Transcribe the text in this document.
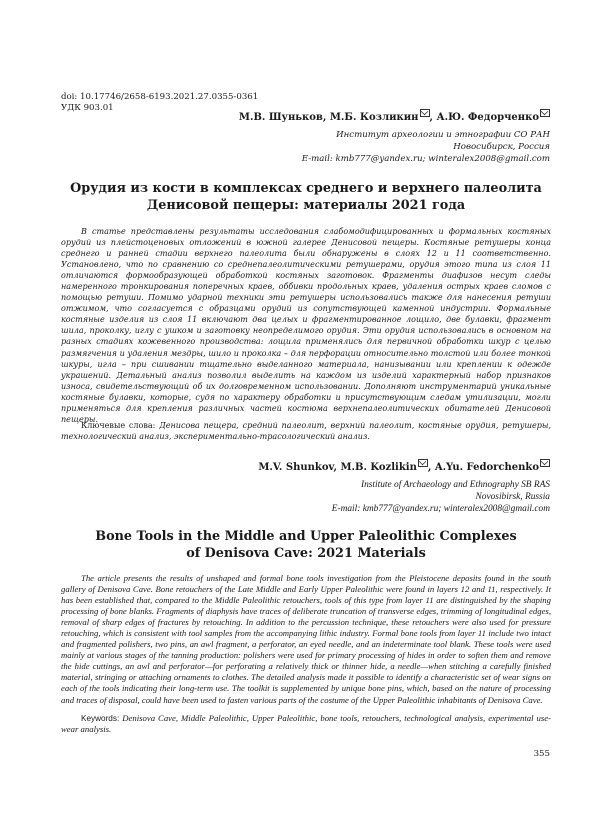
doi: 10.17746/2658-6193.2021.27.0355-0361
УДК 903.01
М.В. Шуньков, М.Б. Козликин , А.Ю. Федорченко
Институт археологии и этнографии СО РАН
Новосибирск, Россия
E-mail: kmb777@yandex.ru; winteralex2008@gmail.com
Орудия из кости в комплексах среднего и верхнего палеолита
Денисовой пещеры: материалы 2021 года

В статье представлены результаты исследования слабомодифицированных и формальных костяных орудий из плейстоценовых отложений в южной галерее Денисовой пещеры. Костяные ретушеры конца среднего и ранней стадии верхнего палеолита были обнаружены в слоях 12 и 11 соответственно. Установлено, что по сравнению со среднепалеолитическими ретушерами, орудия этого типа из слоя 11 отличаются формообразующей обработкой костяных заготовок. Фрагменты диафизов несут следы намеренного тронкирования поперечных краев, оббивки продольных краев, удаления острых краев сломов с помощью ретуши. Помимо ударной техники эти ретушеры использовались также для нанесения ретуши отжимом, что согласуется с образцами орудий из сопутствующей каменной индустрии. Формальные костяные изделия из слоя 11 включают два целых и фрагментированное лощило, две булавки, фрагмент шила, проколку, иглу с ушком и заготовку неопределимого орудия. Эти орудия использовались в основном на разных стадиях кожевенного производства: лощила применялись для первичной обработки шкур с целью размягчения и удаления мездры, шило и проколка – для перфорации относительно толстой или более тонкой шкуры, игла – при сшивании тщательно выделанного материала, нанизывании или креплении к одежде украшений. Детальный анализ позволил выделить на каждом из изделий характерный набор признаков износа, свидетельствующий об их долговременном использовании. Дополняют инструментарий уникальные костяные булавки, которые, судя по характеру обработки и присутствующим следам утилизации, могли применяться для крепления различных частей костюма верхнепалеолитических обитателей Денисовой пещеры.

Ключевые слова: Денисова пещера, средний палеолит, верхний палеолит, костяные орудия, ретушеры, технологический анализ, экспериментально-трасологический анализ.
M.V. Shunkov, M.B. Kozlikin , A.Yu. Fedorchenko
Institute of Archaeology and Ethnography SB RAS
Novosibirsk, Russia
E-mail: kmb777@yandex.ru; winteralex2008@gmail.com
Bone Tools in the Middle and Upper Paleolithic Complexes
of Denisova Cave: 2021 Materials

The article presents the results of unshaped and formal bone tools investigation from the Pleistocene deposits found in the south gallery of Denisova Cave. Bone retouchers of the Late Middle and Early Upper Paleolithic were found in layers 12 and 11, respectively. It has been established that, compared to the Middle Paleolithic retouchers, tools of this type from layer 11 are distinguished by the shaping processing of bone blanks. Fragments of diaphysis have traces of deliberate truncation of transverse edges, trimming of longitudinal edges, removal of sharp edges of fractures by retouching. In addition to the percussion technique, these retouchers were also used for pressure retouching, which is consistent with tool samples from the accompanying lithic industry. Formal bone tools from layer 11 include two intact and fragmented polishers, two pins, an awl fragment, a perforator, an eyed needle, and an indeterminate tool blank. These tools were used mainly at various stages of the tanning production: polishers were used for primary processing of hides in order to soften them and remove the hide cuttings, an awl and perforator—for perforating a relatively thick or thinner hide, a needle—when stitching a carefully finished material, stringing or attaching ornaments to clothes. The detailed analysis made it possible to identify a characteristic set of wear signs on each of the tools indicating their long-term use. The toolkit is supplemented by unique bone pins, which, based on the nature of processing and traces of disposal, could have been used to fasten various parts of the costume of the Upper Paleolithic inhabitants of Denisova Cave.

Keywords: Denisova Cave, Middle Paleolithic, Upper Paleolithic, bone tools, retouchers, technological analysis, experimental use-wear analysis.
355
